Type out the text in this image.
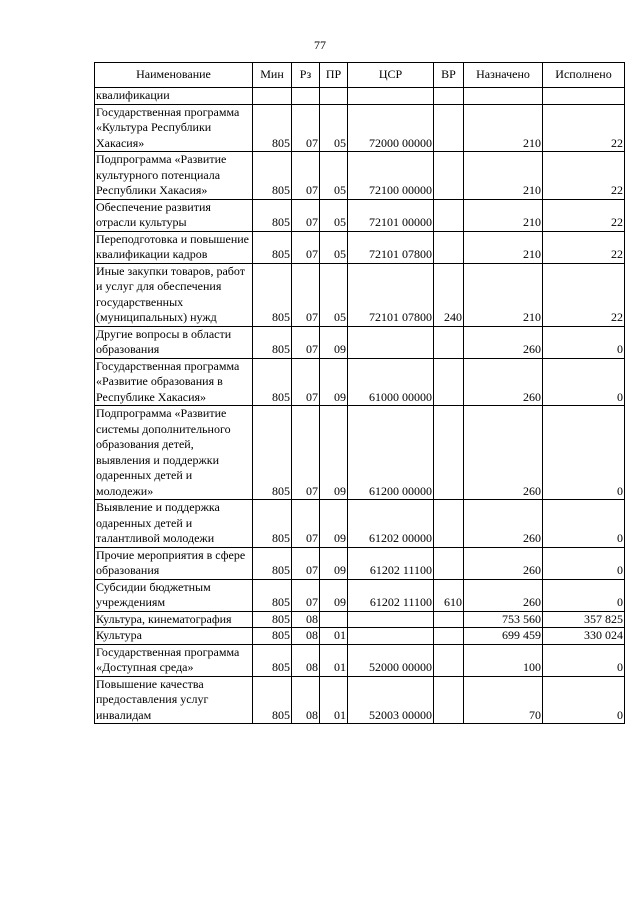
77
Наименование	Мин	Рз	ПР	ЦСР	ВР	Назначено	Исполнено
квалификации							
Государственная программа «Культура Республики Хакасия»	805	07	05	72000 00000		210	22
Подпрограмма «Развитие культурного потенциала Республики Хакасия»	805	07	05	72100 00000		210	22
Обеспечение развития отрасли культуры	805	07	05	72101 00000		210	22
Переподготовка и повышение квалификации кадров	805	07	05	72101 07800		210	22
Иные закупки товаров, работ и услуг для обеспечения государственных (муниципальных) нужд	805	07	05	72101 07800	240	210	22
Другие вопросы в области образования	805	07	09			260	0
Государственная программа «Развитие образования в Республике Хакасия»	805	07	09	61000 00000		260	0
Подпрограмма «Развитие системы дополнительного образования детей, выявления и поддержки одаренных детей и молодежи»	805	07	09	61200 00000		260	0
Выявление и поддержка одаренных детей и талантливой молодежи	805	07	09	61202 00000		260	0
Прочие мероприятия в сфере образования	805	07	09	61202 11100		260	0
Субсидии бюджетным учреждениям	805	07	09	61202 11100	610	260	0
Культура, кинематография	805	08				753 560	357 825
Культура	805	08	01			699 459	330 024
Государственная программа «Доступная среда»	805	08	01	52000 00000		100	0
Повышение качества предоставления услуг инвалидам	805	08	01	52003 00000		70	0
